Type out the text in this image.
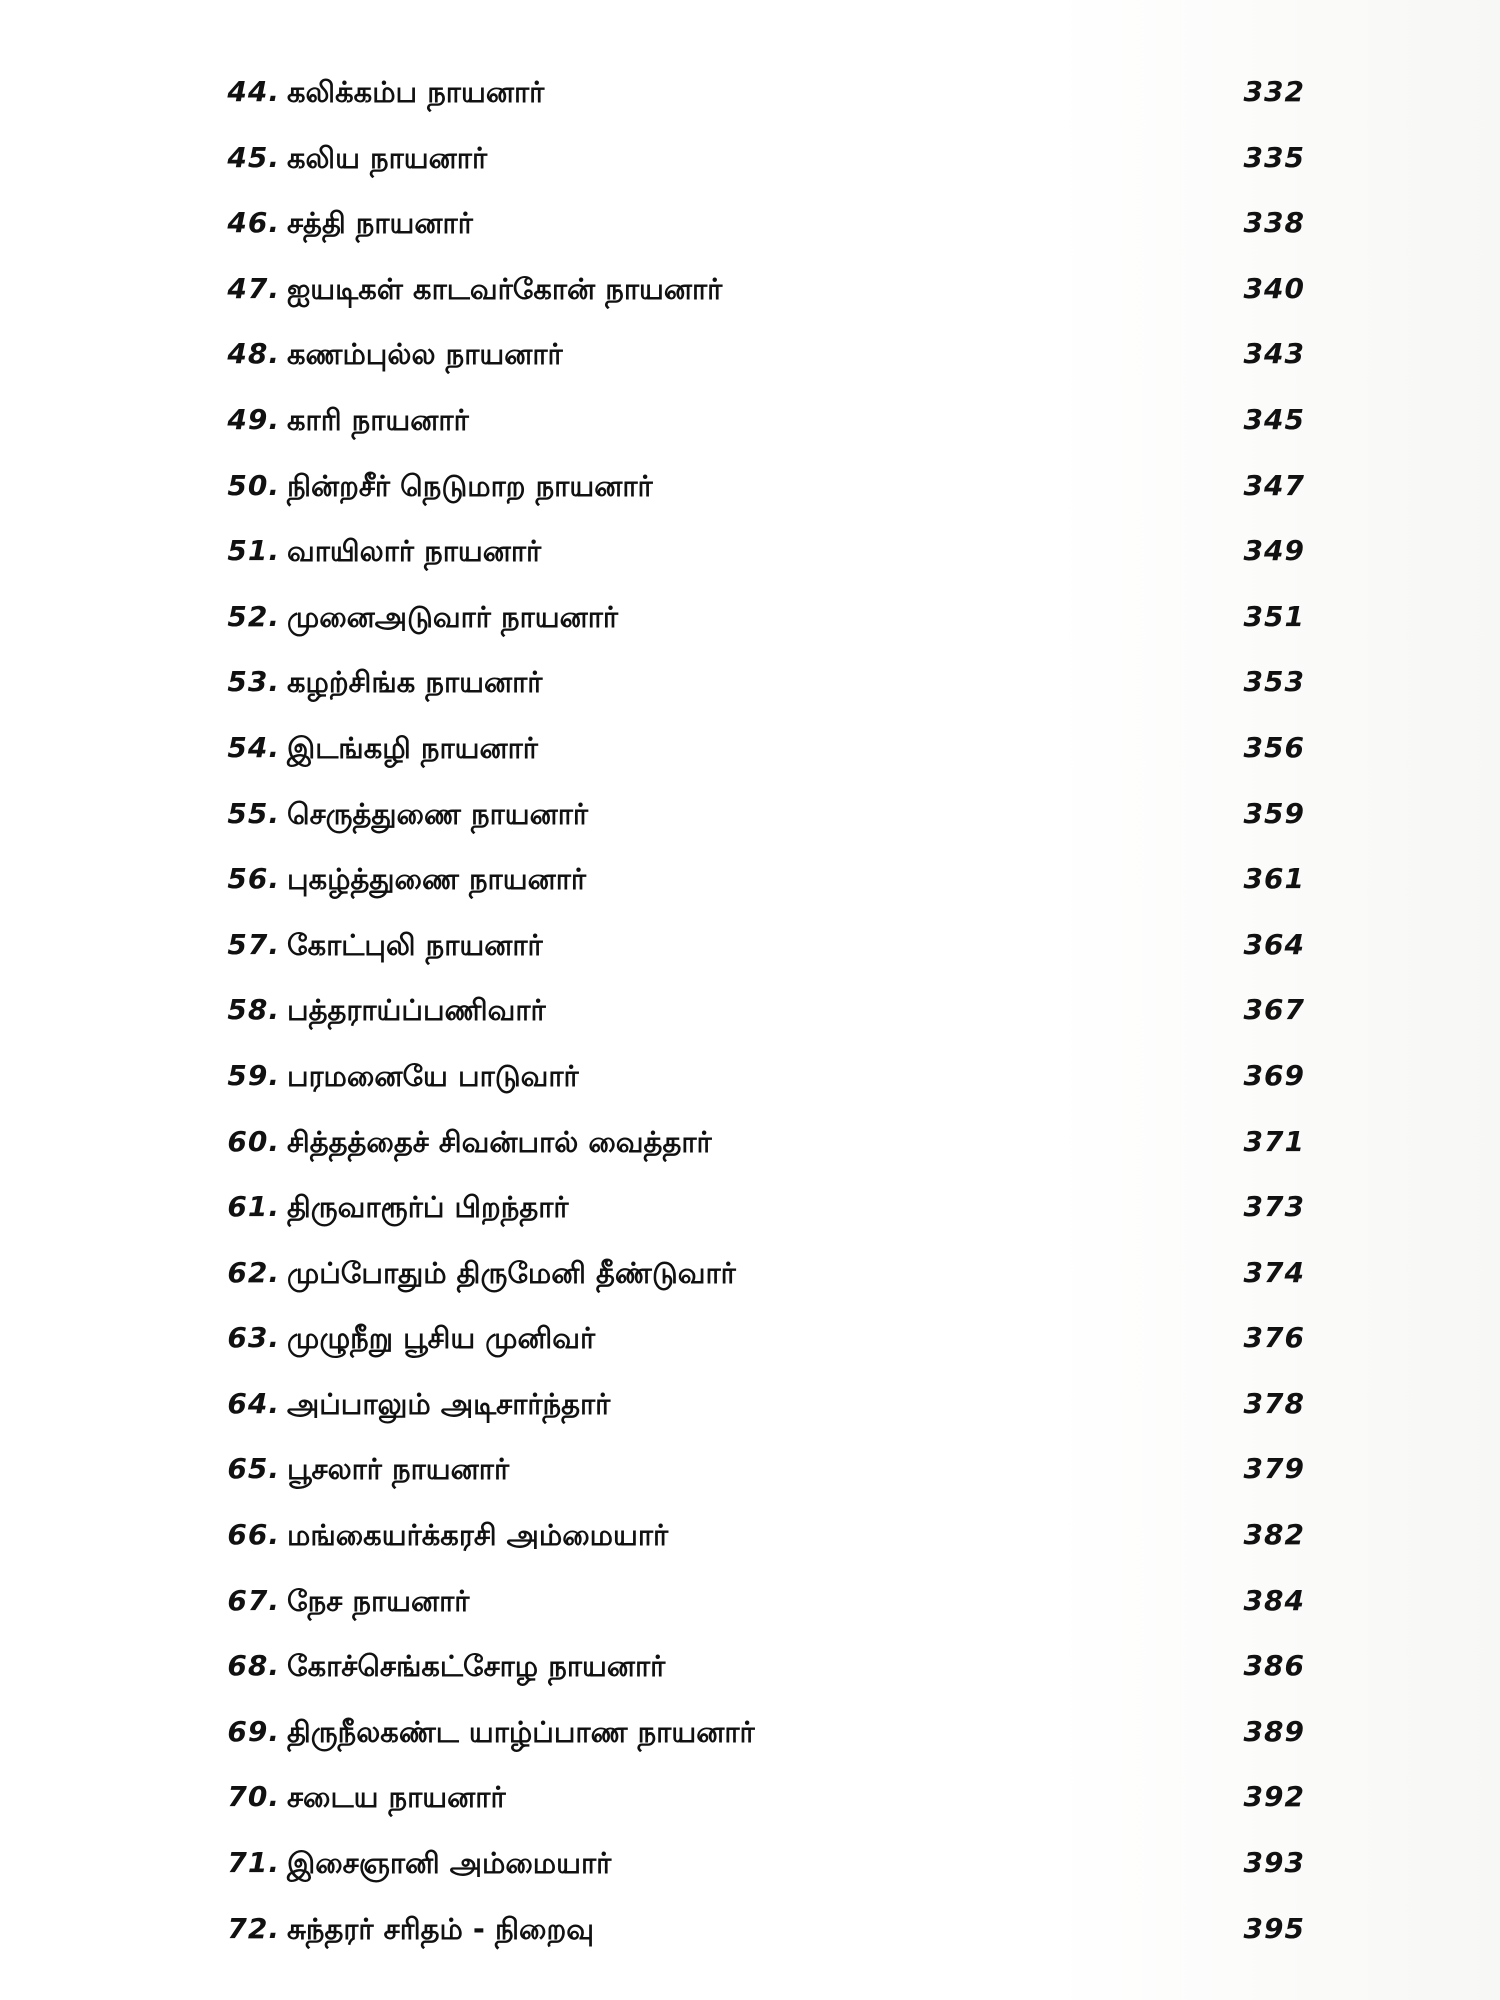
44. கலிக்கம்ப நாயனார்	332
45. கலிய நாயனார்	335
46. சத்தி நாயனார்	338
47. ஐயடிகள் காடவர்கோன் நாயனார்	340
48. கணம்புல்ல நாயனார்	343
49. காரி நாயனார்	345
50. நின்றசீர் நெடுமாற நாயனார்	347
51. வாயிலார் நாயனார்	349
52. முனைஅடுவார் நாயனார்	351
53. கழற்சிங்க நாயனார்	353
54. இடங்கழி நாயனார்	356
55. செருத்துணை நாயனார்	359
56. புகழ்த்துணை நாயனார்	361
57. கோட்புலி நாயனார்	364
58. பத்தராய்ப்பணிவார்	367
59. பரமனையே பாடுவார்	369
60. சித்தத்தைச் சிவன்பால் வைத்தார்	371
61. திருவாரூர்ப் பிறந்தார்	373
62. முப்போதும் திருமேனி தீண்டுவார்	374
63. முழுநீறு பூசிய முனிவர்	376
64. அப்பாலும் அடிசார்ந்தார்	378
65. பூசலார் நாயனார்	379
66. மங்கையர்க்கரசி அம்மையார்	382
67. நேச நாயனார்	384
68. கோச்செங்கட்சோழ நாயனார்	386
69. திருநீலகண்ட யாழ்ப்பாண நாயனார்	389
70. சடைய நாயனார்	392
71. இசைஞானி அம்மையார்	393
72. சுந்தரர் சரிதம் - நிறைவு	395
